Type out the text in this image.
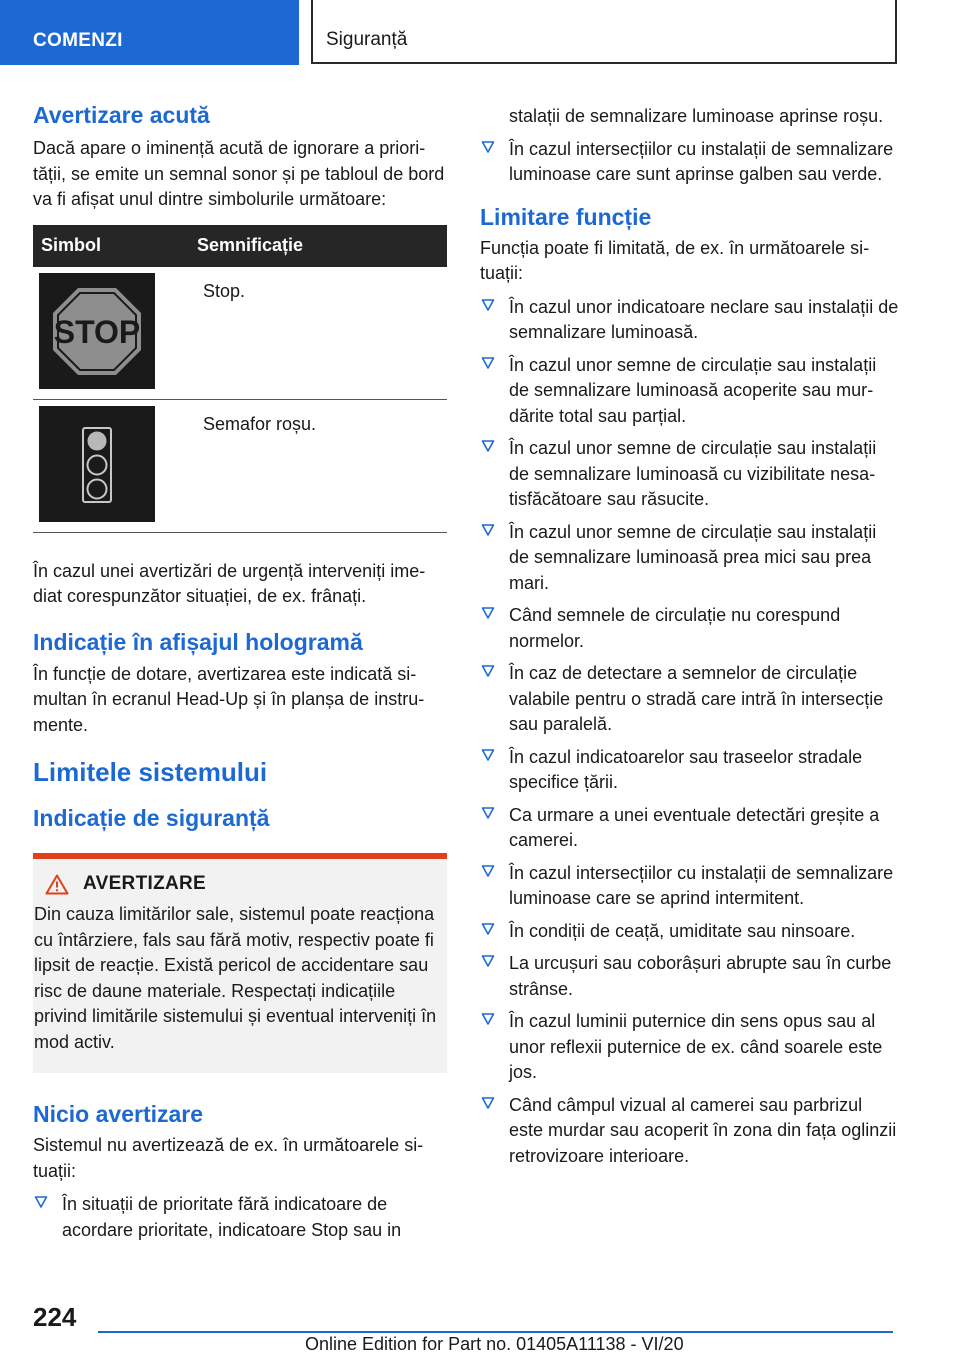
COMENZI	Siguranță
Avertizare acută

Dacă apare o iminență acută de ignorare a priorității, se emite un semnal sonor și pe tabloul de bord va fi afișat unul dintre simbolurile următoare:

Simbol	Semnificație

STOP	Stop.

	Semafor roșu.

În cazul unei avertizări de urgență interveniți imediat corespunzător situației, de ex. frânați.

Indicație în afișajul hologramă

În funcție de dotare, avertizarea este indicată simultan în ecranul Head-Up și în planșa de instrumente.

Limitele sistemului
Indicație de siguranță
AVERTIZARE

Din cauza limitărilor sale, sistemul poate reacționa cu întârziere, fals sau fără motiv, respectiv poate fi lipsit de reacție. Există pericol de accidentare sau risc de daune materiale. Respectați indicațiile privind limitările sistemului și eventual interveniți în mod activ.

Nicio avertizare

Sistemul nu avertizează de ex. în următoarele situații:

În situații de prioritate fără indicatoare de acordare prioritate, indicatoare Stop sau in
stalații de semnalizare luminoase aprinse roșu.
În cazul intersecțiilor cu instalații de semnalizare luminoase care sunt aprinse galben sau verde.
Limitare funcție

Funcția poate fi limitată, de ex. în următoarele situații:

În cazul unor indicatoare neclare sau instalații de semnalizare luminoasă.
În cazul unor semne de circulație sau instalații de semnalizare luminoasă acoperite sau murdărite total sau parțial.
În cazul unor semne de circulație sau instalații de semnalizare luminoasă cu vizibilitate nesatisfăcătoare sau răsucite.
În cazul unor semne de circulație sau instalații de semnalizare luminoasă prea mici sau prea mari.
Când semnele de circulație nu corespund normelor.
În caz de detectare a semnelor de circulație valabile pentru o stradă care intră în intersecție sau paralelă.
În cazul indicatoarelor sau traseelor stradale specifice țării.
Ca urmare a unei eventuale detectări greșite a camerei.
În cazul intersecțiilor cu instalații de semnalizare luminoase care se aprind intermitent.
În condiții de ceață, umiditate sau ninsoare.
La urcușuri sau coborâșuri abrupte sau în curbe strânse.
În cazul luminii puternice din sens opus sau al unor reflexii puternice de ex. când soarele este jos.
Când câmpul vizual al camerei sau parbrizul este murdar sau acoperit în zona din fața oglinzii retrovizoare interioare.
224
Online Edition for Part no. 01405A11138 - VI/20
